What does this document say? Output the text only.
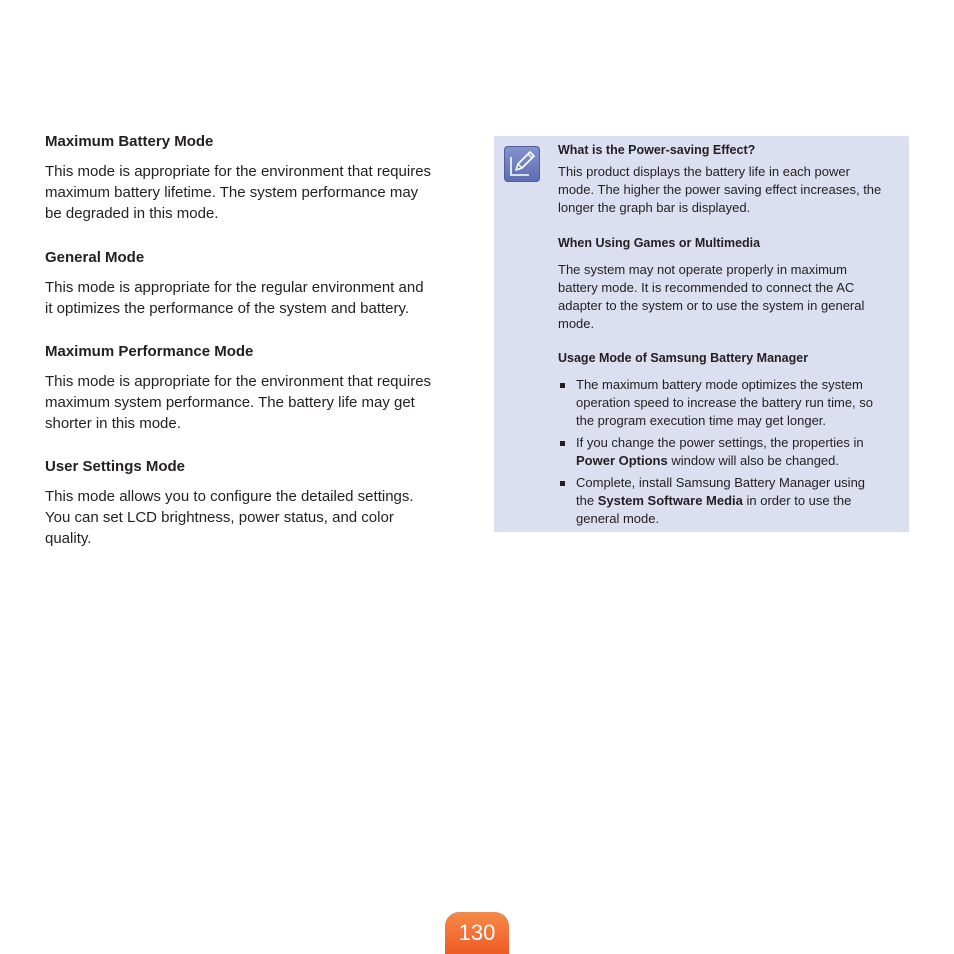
Maximum Battery Mode

This mode is appropriate for the environment that requires
maximum battery lifetime. The system performance may
be degraded in this mode.

General Mode

This mode is appropriate for the regular environment and
it optimizes the performance of the system and battery.

Maximum Performance Mode

This mode is appropriate for the environment that requires
maximum system performance. The battery life may get
shorter in this mode.

User Settings Mode

This mode allows you to configure the detailed settings.
You can set LCD brightness, power status, and color
quality.

What is the Power-saving Effect?

This product displays the battery life in each power
mode. The higher the power saving effect increases, the
longer the graph bar is displayed.

When Using Games or Multimedia

The system may not operate properly in maximum
battery mode. It is recommended to connect the AC
adapter to the system or to use the system in general
mode.

Usage Mode of Samsung Battery Manager

The maximum battery mode optimizes the system
operation speed to increase the battery run time, so
the program execution time may get longer.

If you change the power settings, the properties in
Power Options window will also be changed.

Complete, install Samsung Battery Manager using
the System Software Media in order to use the
general mode.

130
